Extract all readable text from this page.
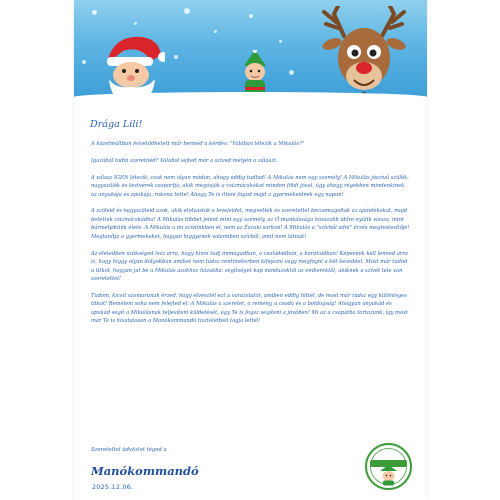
Drága Lili!

A közelmúltban felvetődhetett már benned a kérdés: "Valóban létezik a Mikulás?"

Igazából tudni szeretnéd? Valahol sejted már a szíved mélyén a választ.

A válasz IGEN létezik, csak nem olyan módon, ahogy eddig tudtad! A Mikulás nem egy személy! A Mikulás jószívű szülők, nagyszülők és testvérek csoportja, akik megóvják a csizmácskákat minden földi jóval, úgy ahogy régebben mindenkinek az anyukája és apukája, rokona tette! Ahogy Te is itteni fogod majd a gyermekeidnek egy napon!

A szüleid és nagyszüleid azok, akik elolvasták a leveleidet, megvették és szeretettel becsomagolták az ajándékokat, majd betették csizmácskádba! A Mikulás többet jelent mint egy személy, az Ő munkássága hosszabb időre nyúlik vissza, mint bármelyikünk élete. A Mikulás a mi szívünkben él, nem az Északi sarkon! A Mikulás a "szívből adni" érzés megtestesítője! Megtanítja a gyermekeket, hogyan higgyenek valamiben szívből, amit nem látnak!

Az életedben szükséged lesz arra, hogy hinni tudj önmagadban, a családodban, a barátaidban! Képesnek kell lenned arra is, hogy higgy olyan dolgokban amiket nem tudsz centiméterben kifejezni vagy megfogni a két kezeddel. Most már tudod a titkot, hogyan jut be a Mikulás azokhoz házakba: segítséget kap mindazoktól az emberektől, akiknek a szívét tele van szeretettel!

Tudom, kicsit szomorúnak érzed, hogy elvesztél ezt a varázslatot, amiben eddig hittél, de most már tudsz egy különleges titkot! Remélem soha nem felejted el: A Mikulás a szeretet, a remény, a csoda és a boldogság! Ahogyan anyukád és apukád segít a Mikulásnak teljesíteni küldetését, úgy Te is fogsz segíteni a jövőben! Mi az a csapatba tartozunk, így most már Te is hivatalosan a Manókommandó tiszteletbeli tagja lettél!

Szeretettel üdvözlet téged a
Manókommandó
2025.12.06.
